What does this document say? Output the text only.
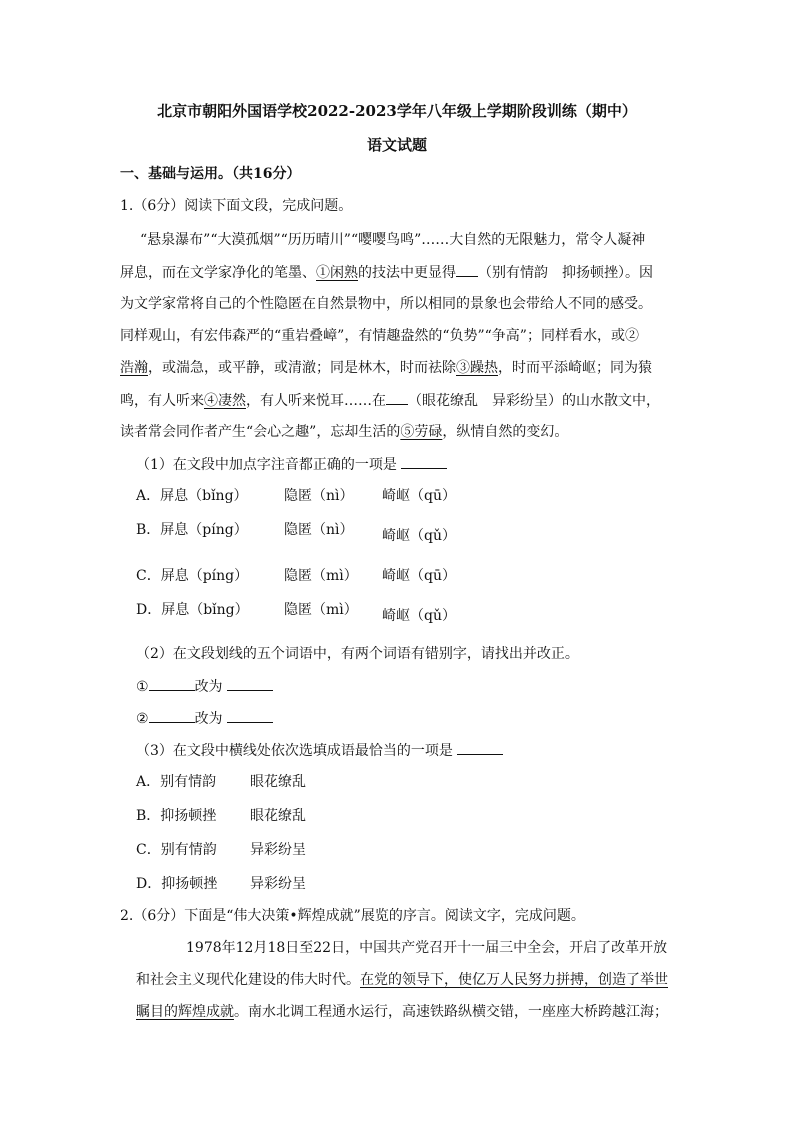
北京市朝阳外国语学校2022-2023学年八年级上学期阶段训练（期中）
语文试题
一、基础与运用。（共16分）
1.（6分）阅读下面文段，完成问题。
“悬泉瀑布”“大漠孤烟”“历历晴川”“嘤嘤鸟鸣”……大自然的无限魅力，常令人凝神
屏息，而在文学家净化的笔墨、①闲熟的技法中更显得 （别有情韵　抑扬顿挫）。因
为文学家常将自己的个性隐匿在自然景物中，所以相同的景象也会带给人不同的感受。
同样观山，有宏伟森严的“重岩叠嶂”，有情趣盎然的“负势”“争高”；同样看水，或②
浩瀚，或湍急，或平静，或清澈；同是林木，时而祛除③躁热，时而平添崎岖；同为猿
鸣，有人听来④凄然，有人听来悦耳……在 （眼花缭乱　异彩纷呈）的山水散文中，
读者常会同作者产生“会心之趣”，忘却生活的⑤劳碌，纵情自然的变幻。
（1）在文段中加点字注音都正确的一项是
A．屏息（bǐng）	隐匿（nì） 崎岖（qū）
B．屏息（píng）	隐匿（nì） 崎岖（qǔ）
C．屏息（píng）	隐匿（mì） 崎岖（qū）
D．屏息（bǐng）	隐匿（mì） 崎岖（qǔ）
（2）在文段划线的五个词语中，有两个词语有错别字，请找出并改正。
①	改为
②	改为
（3）在文段中横线处依次选填成语最恰当的一项是
A．别有情韵 眼花缭乱
B．抑扬顿挫 眼花缭乱
C．别有情韵 异彩纷呈
D．抑扬顿挫 异彩纷呈
2.（6分）下面是“伟大决策•辉煌成就”展览的序言。阅读文字，完成问题。
1978年12月18日至22日，中国共产党召开十一届三中全会，开启了改革开放
和社会主义现代化建设的伟大时代。在党的领导下，使亿万人民努力拼搏，创造了举世
瞩目的辉煌成就。南水北调工程通水运行，高速铁路纵横交错，一座座大桥跨越江海；
